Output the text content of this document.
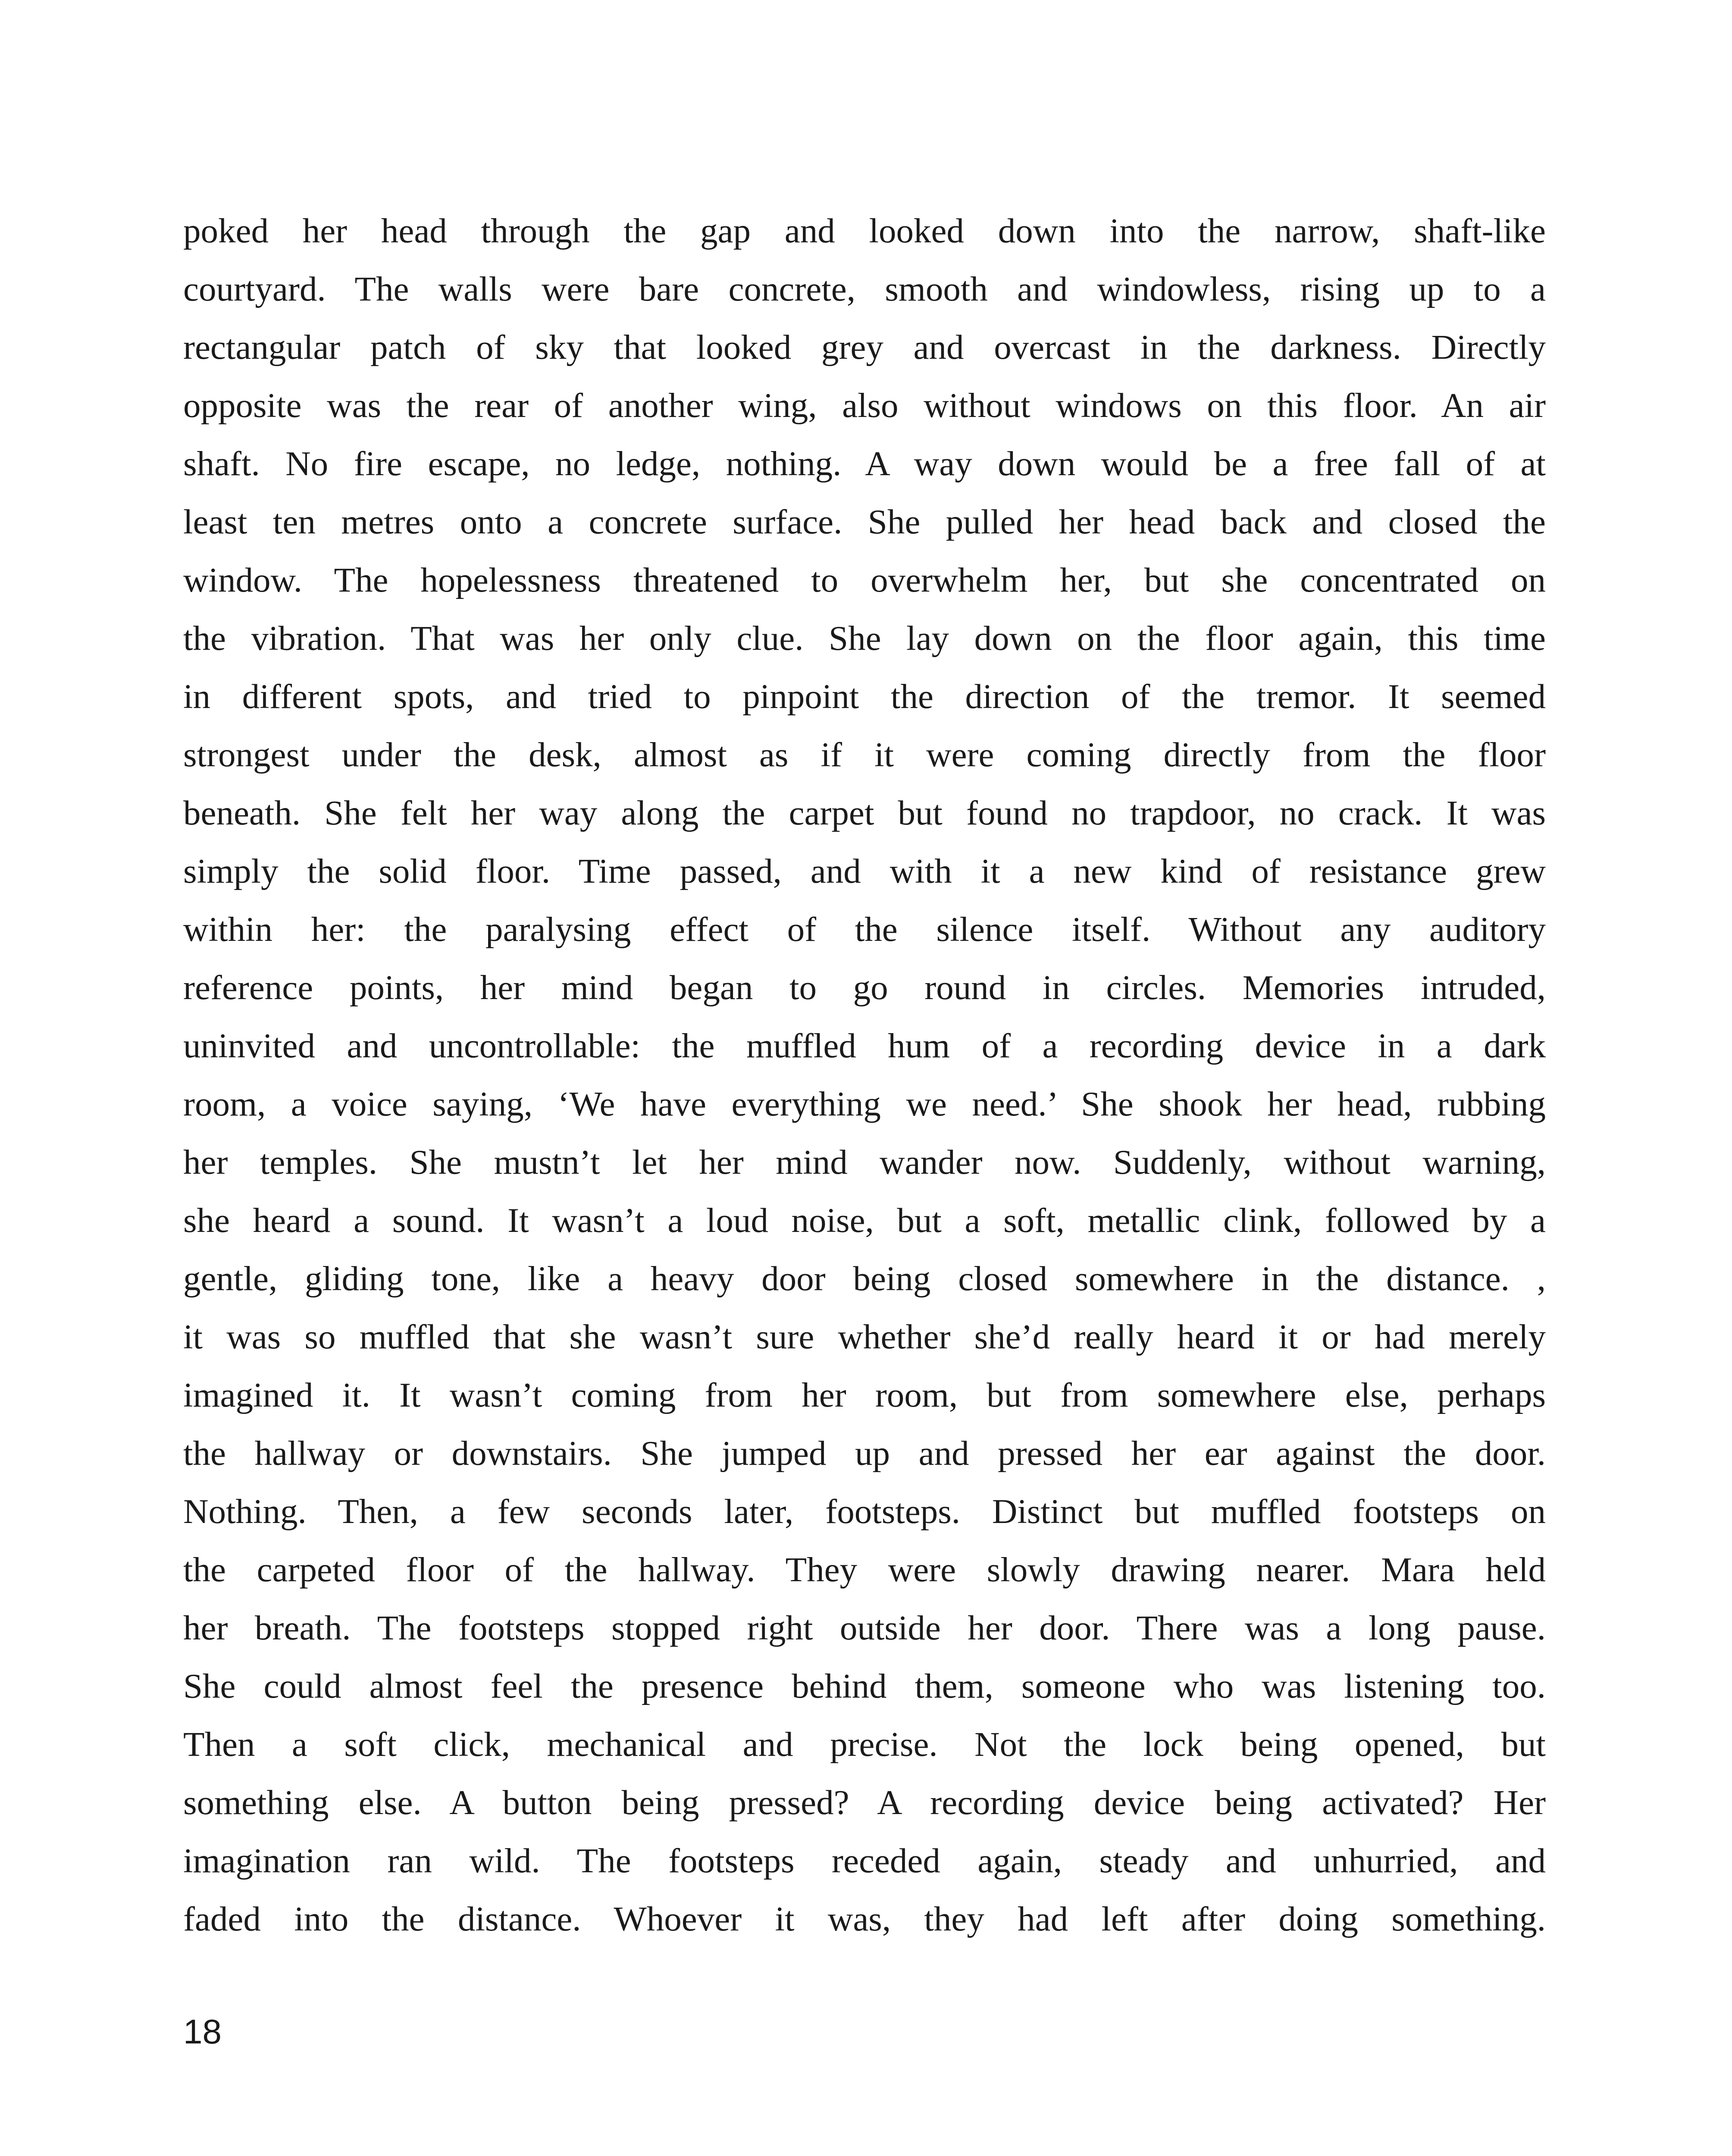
poked her head through the gap and looked down into the narrow, shaft-like
courtyard. The walls were bare concrete, smooth and windowless, rising up to a
rectangular patch of sky that looked grey and overcast in the darkness. Directly
opposite was the rear of another wing, also without windows on this floor. An air
shaft. No fire escape, no ledge, nothing. A way down would be a free fall of at
least ten metres onto a concrete surface. She pulled her head back and closed the
window. The hopelessness threatened to overwhelm her, but she concentrated on
the vibration. That was her only clue. She lay down on the floor again, this time
in different spots, and tried to pinpoint the direction of the tremor. It seemed
strongest under the desk, almost as if it were coming directly from the floor
beneath. She felt her way along the carpet but found no trapdoor, no crack. It was
simply the solid floor. Time passed, and with it a new kind of resistance grew
within her: the paralysing effect of the silence itself. Without any auditory
reference points, her mind began to go round in circles. Memories intruded,
uninvited and uncontrollable: the muffled hum of a recording device in a dark
room, a voice saying, ‘We have everything we need.’ She shook her head, rubbing
her temples. She mustn’t let her mind wander now. Suddenly, without warning,
she heard a sound. It wasn’t a loud noise, but a soft, metallic clink, followed by a
gentle, gliding tone, like a heavy door being closed somewhere in the distance. ,
it was so muffled that she wasn’t sure whether she’d really heard it or had merely
imagined it. It wasn’t coming from her room, but from somewhere else, perhaps
the hallway or downstairs. She jumped up and pressed her ear against the door.
Nothing. Then, a few seconds later, footsteps. Distinct but muffled footsteps on
the carpeted floor of the hallway. They were slowly drawing nearer. Mara held
her breath. The footsteps stopped right outside her door. There was a long pause.
She could almost feel the presence behind them, someone who was listening too.
Then a soft click, mechanical and precise. Not the lock being opened, but
something else. A button being pressed? A recording device being activated? Her
imagination ran wild. The footsteps receded again, steady and unhurried, and
faded into the distance. Whoever it was, they had left after doing something.
18
